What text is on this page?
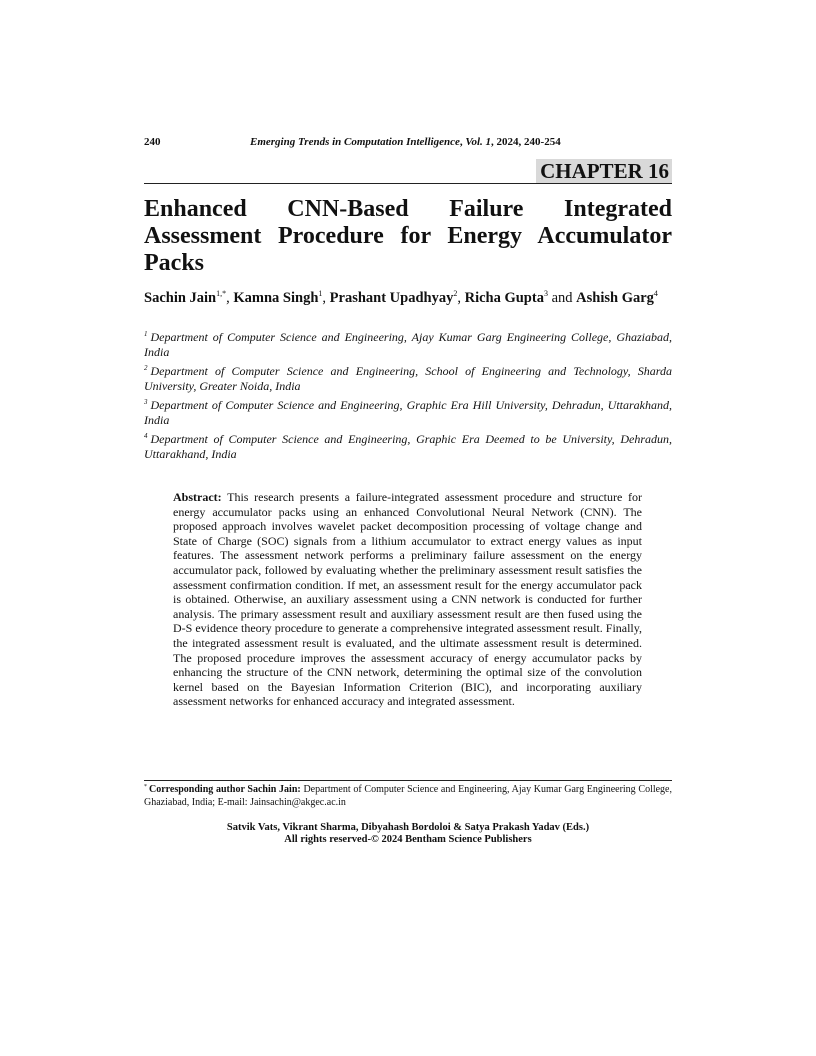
240	Emerging Trends in Computation Intelligence, Vol. 1, 2024, 240-254
CHAPTER 16
Enhanced CNN-Based Failure Integrated Assessment Procedure for Energy Accumulator Packs
Sachin Jain$^{1,*}$, Kamna Singh$^1$, Prashant Upadhyay$^2$, Richa Gupta$^3$ and Ashish Garg$^4$
$^1$ Department of Computer Science and Engineering, Ajay Kumar Garg Engineering College, Ghaziabad, India
$^2$ Department of Computer Science and Engineering, School of Engineering and Technology, Sharda University, Greater Noida, India
$^3$ Department of Computer Science and Engineering, Graphic Era Hill University, Dehradun, Uttarakhand, India
$^4$ Department of Computer Science and Engineering, Graphic Era Deemed to be University, Dehradun, Uttarakhand, India
Abstract: This research presents a failure-integrated assessment procedure and structure for energy accumulator packs using an enhanced Convolutional Neural Network (CNN). The proposed approach involves wavelet packet decomposition processing of voltage change and State of Charge (SOC) signals from a lithium accumulator to extract energy values as input features. The assessment network performs a preliminary failure assessment on the energy accumulator pack, followed by evaluating whether the preliminary assessment result satisfies the assessment confirmation condition. If met, an assessment result for the energy accumulator pack is obtained. Otherwise, an auxiliary assessment using a CNN network is conducted for further analysis. The primary assessment result and auxiliary assessment result are then fused using the D-S evidence theory procedure to generate a comprehensive integrated assessment result. Finally, the integrated assessment result is evaluated, and the ultimate assessment result is determined. The proposed procedure improves the assessment accuracy of energy accumulator packs by enhancing the structure of the CNN network, determining the optimal size of the convolution kernel based on the Bayesian Information Criterion (BIC), and incorporating auxiliary assessment networks for enhanced accuracy and integrated assessment.
* Corresponding author Sachin Jain: Department of Computer Science and Engineering, Ajay Kumar Garg Engineering College, Ghaziabad, India; E-mail: Jainsachin@akgec.ac.in
Satvik Vats, Vikrant Sharma, Dibyahash Bordoloi & Satya Prakash Yadav (Eds.)
All rights reserved-© 2024 Bentham Science Publishers
